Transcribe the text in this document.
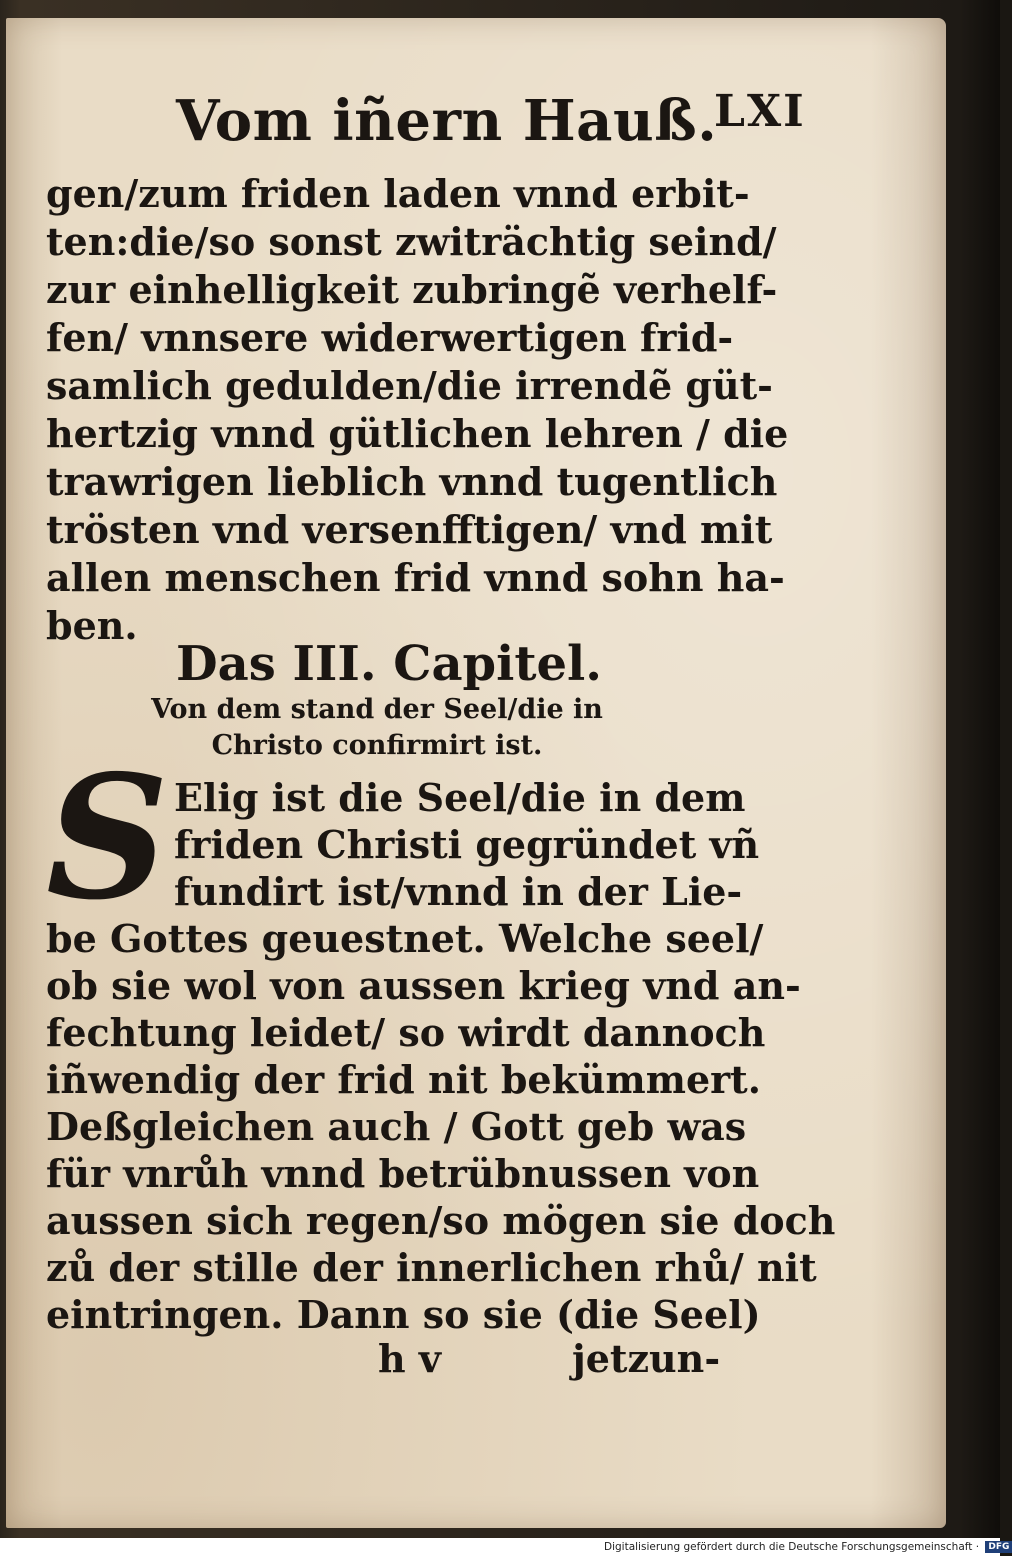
Vom iñern Hauß.
LXI
gen/zum friden laden vnnd erbit-
ten:die/so sonst zwiträchtig seind/
zur einhelligkeit zubringẽ verhelf-
fen/ vnnsere widerwertigen frid-
samlich gedulden/die irrendẽ güt-
hertzig vnnd gütlichen lehren / die
trawrigen lieblich vnnd tugentlich
trösten vnd versenfftigen/ vnd mit
allen menschen frid vnnd sohn ha-
ben.
Das III. Capitel.
Von dem stand der Seel/die in
Christo confirmirt ist.
S Elig ist die Seel/die in dem
friden Christi gegründet vñ
fundirt ist/vnnd in der Lie-
be Gottes geuestnet. Welche seel/
ob sie wol von aussen krieg vnd an-
fechtung leidet/ so wirdt dannoch
iñwendig der frid nit bekümmert.
Deßgleichen auch / Gott geb was
für vnrůh vnnd betrübnussen von
aussen sich regen/so mögen sie doch
zů der stille der innerlichen rhů/ nit
eintringen. Dann so sie (die Seel)
h v	jetzun-
Digitalisierung gefördert durch die Deutsche Forschungsgemeinschaft · DFG
